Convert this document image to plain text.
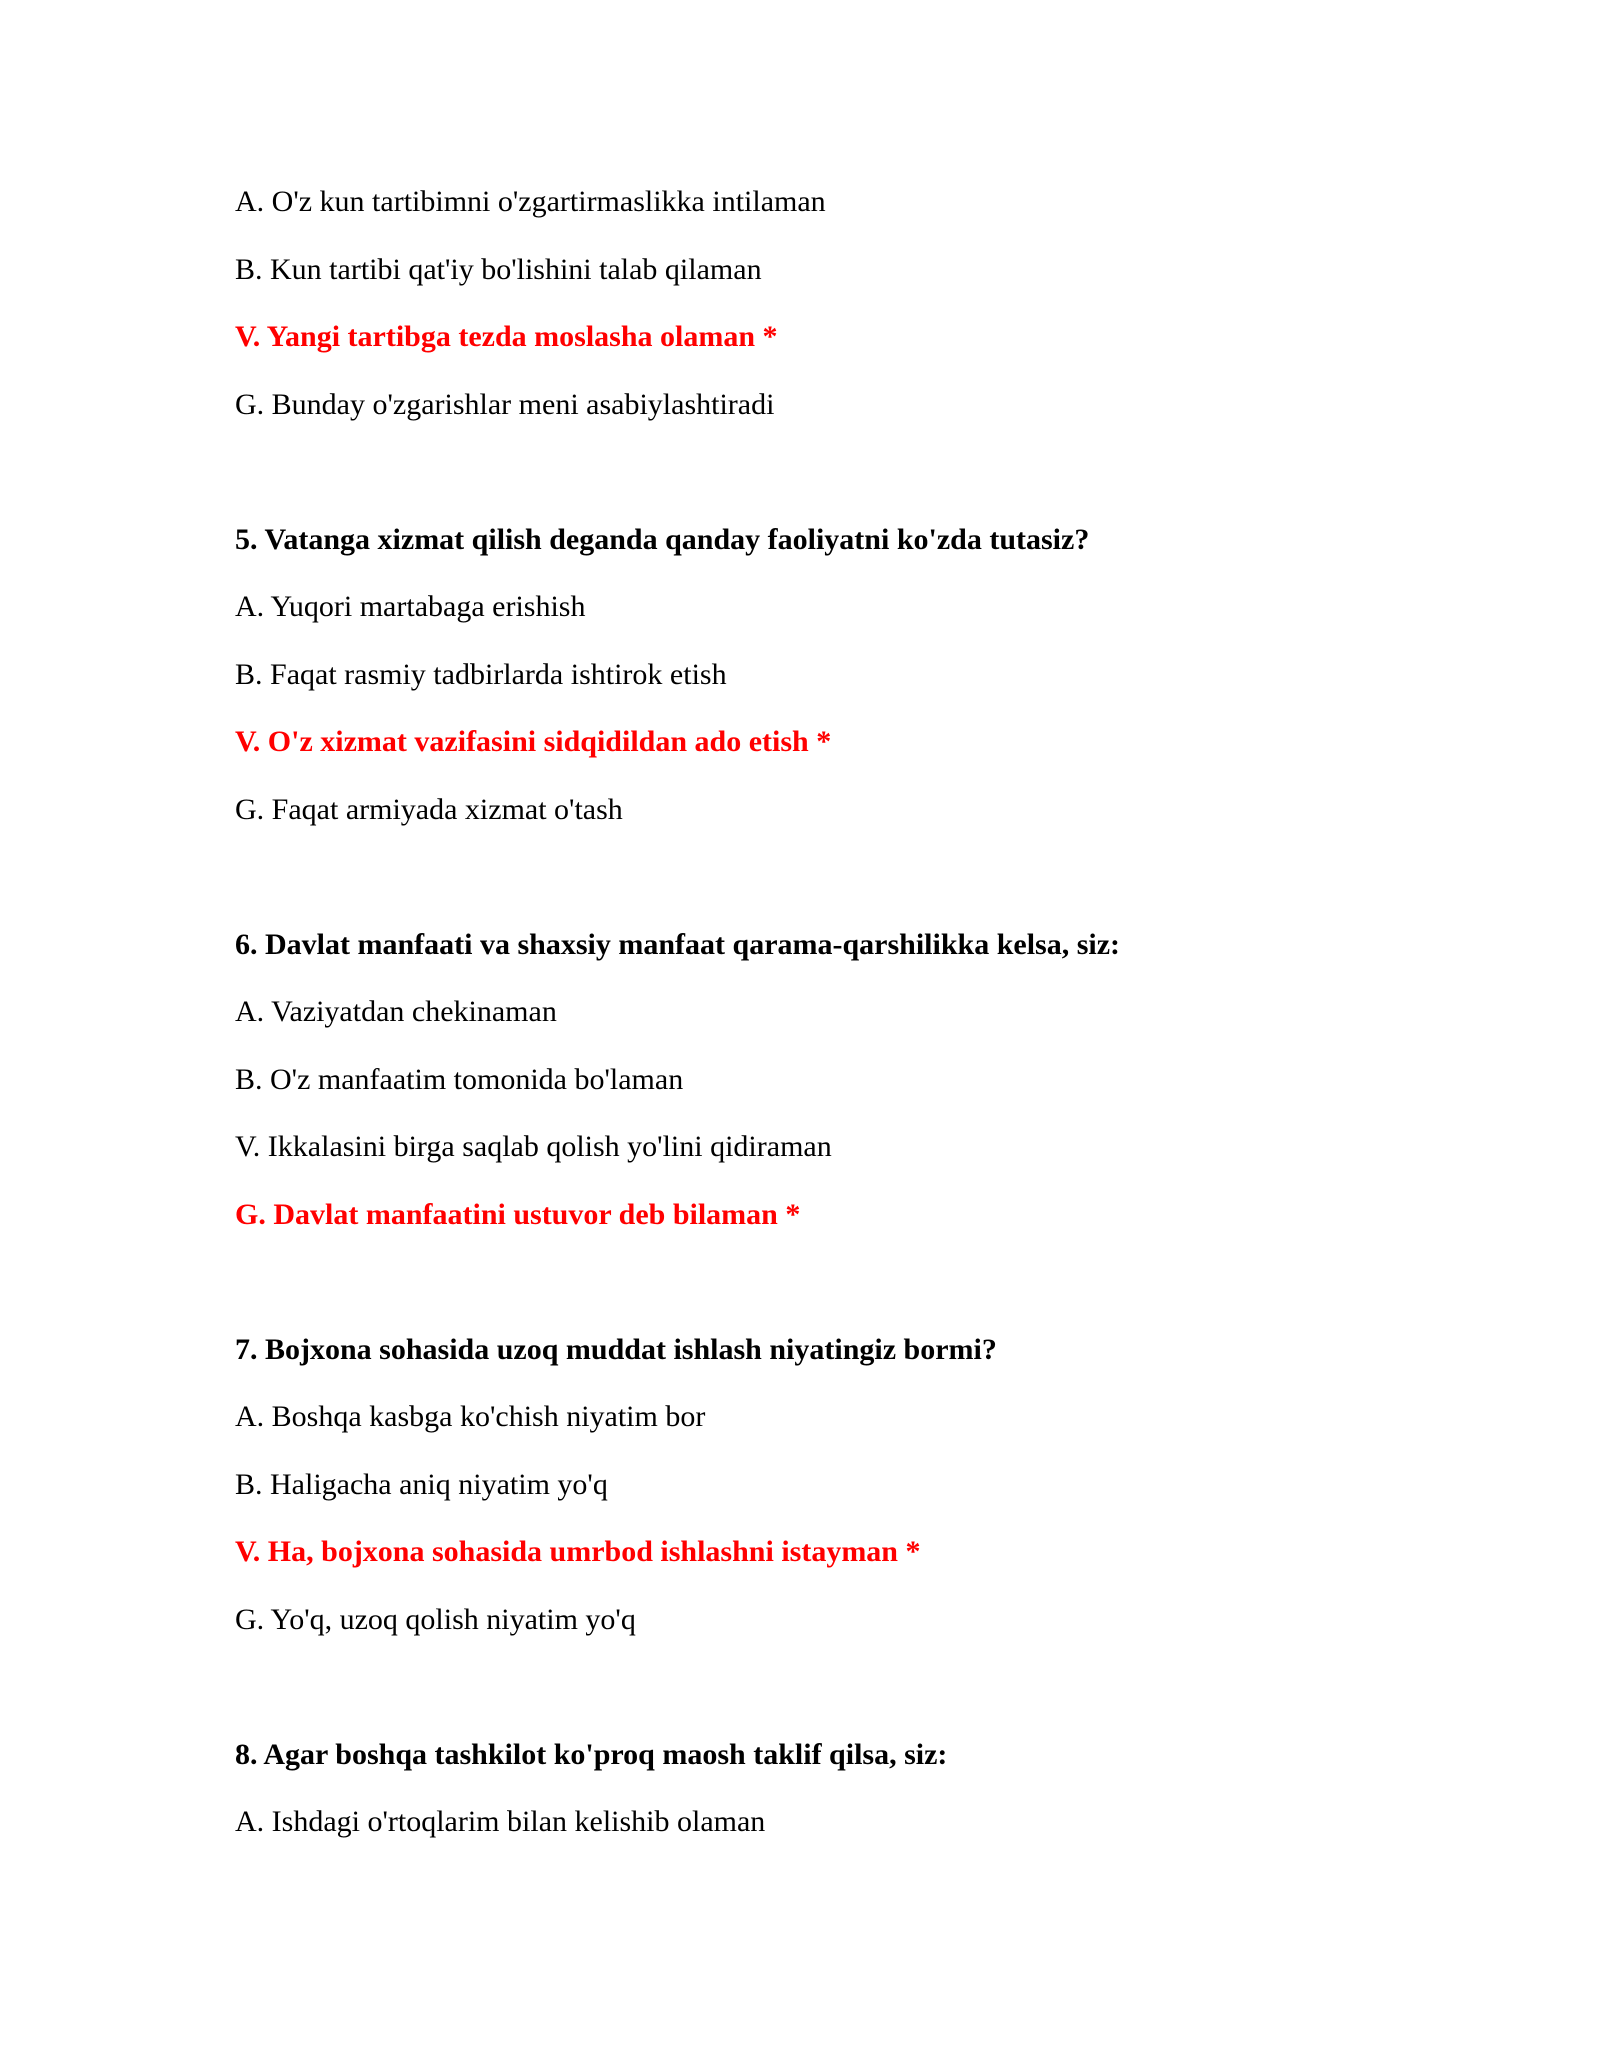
A. O'z kun tartibimni o'zgartirmaslikka intilaman
B. Kun tartibi qat'iy bo'lishini talab qilaman
V. Yangi tartibga tezda moslasha olaman *
G. Bunday o'zgarishlar meni asabiylashtiradi
5. Vatanga xizmat qilish deganda qanday faoliyatni ko'zda tutasiz?
A. Yuqori martabaga erishish
B. Faqat rasmiy tadbirlarda ishtirok etish
V. O'z xizmat vazifasini sidqidildan ado etish *
G. Faqat armiyada xizmat o'tash
6. Davlat manfaati va shaxsiy manfaat qarama-qarshilikka kelsa, siz:
A. Vaziyatdan chekinaman
B. O'z manfaatim tomonida bo'laman
V. Ikkalasini birga saqlab qolish yo'lini qidiraman
G. Davlat manfaatini ustuvor deb bilaman *
7. Bojxona sohasida uzoq muddat ishlash niyatingiz bormi?
A. Boshqa kasbga ko'chish niyatim bor
B. Haligacha aniq niyatim yo'q
V. Ha, bojxona sohasida umrbod ishlashni istayman *
G. Yo'q, uzoq qolish niyatim yo'q
8. Agar boshqa tashkilot ko'proq maosh taklif qilsa, siz:
A. Ishdagi o'rtoqlarim bilan kelishib olaman
